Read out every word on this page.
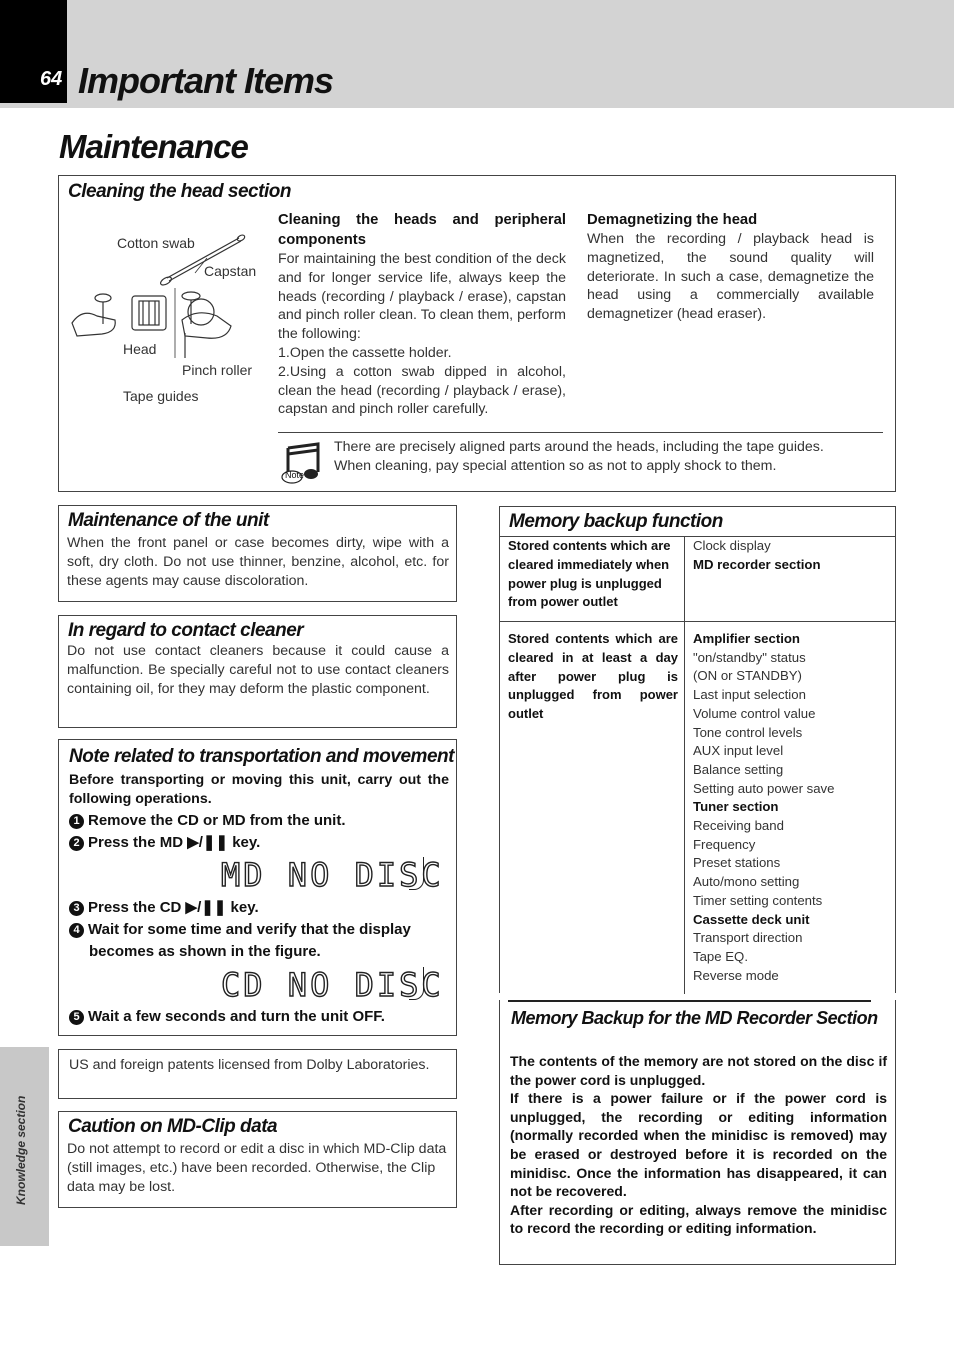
64 Important Items
Maintenance
Cleaning the head section
Cotton swab
Capstan
Head
Pinch roller
Tape guides
Cleaning the heads and peripheral components
For maintaining the best condition of the deck and for longer service life, always keep the heads (recording / playback / erase), capstan and pinch roller clean. To clean them, perform the following:
1.Open the cassette holder.
2.Using a cotton swab dipped in alcohol, clean the head (recording / playback / erase), capstan and pinch roller carefully.
Demagnetizing the head
When the recording / playback head is magnetized, the sound quality will deteriorate. In such a case, demagnetize the head using a commercially available demagnetizer (head eraser).
Note
There are precisely aligned parts around the heads, including the tape guides.
When cleaning, pay special attention so as not to apply shock to them.
Maintenance of the unit
When the front panel or case becomes dirty, wipe with a soft, dry cloth. Do not use thinner, benzine, alcohol, etc. for these agents may cause discoloration.
In regard to contact cleaner
Do not use contact cleaners because it could cause a malfunction. Be specially careful not to use contact cleaners containing oil, for they may deform the plastic component.
Note related to transportation and movement
Before transporting or moving this unit, carry out the following operations.
1 Remove the CD or MD from the unit.
2 Press the MD ▶/❚❚ key.
MD NO DISC
3 Press the CD ▶/❚❚ key.
4 Wait for some time and verify that the display
becomes as shown in the figure.
CD NO DISC
5 Wait a few seconds and turn the unit OFF.
US and foreign patents licensed from Dolby Laboratories.
Caution on MD-Clip data
Do not attempt to record or edit a disc in which MD-Clip data (still images, etc.) have been recorded. Otherwise, the Clip data may be lost.
Knowledge section
Memory backup function
Stored contents which are cleared immediately when power plug is unplugged from power outlet
Clock display
MD recorder section
Stored contents which are cleared in at least a day after power plug is unplugged from power outlet
Amplifier section
"on/standby" status
(ON or STANDBY)
Last input selection
Volume control value
Tone control levels
AUX input level
Balance setting
Setting auto power save
Tuner section
Receiving band
Frequency
Preset stations
Auto/mono setting
Timer setting contents
Cassette deck unit
Transport direction
Tape EQ.
Reverse mode
Memory Backup for the MD Recorder Section
The contents of the memory are not stored on the disc if the power cord is unplugged.
If there is a power failure or if the power cord is unplugged, the recording or editing information (normally recorded when the minidisc is removed) may be erased or destroyed before it is recorded on the minidisc. Once the information has disappeared, it can not be recovered.
After recording or editing, always remove the minidisc to record the recording or editing information.
